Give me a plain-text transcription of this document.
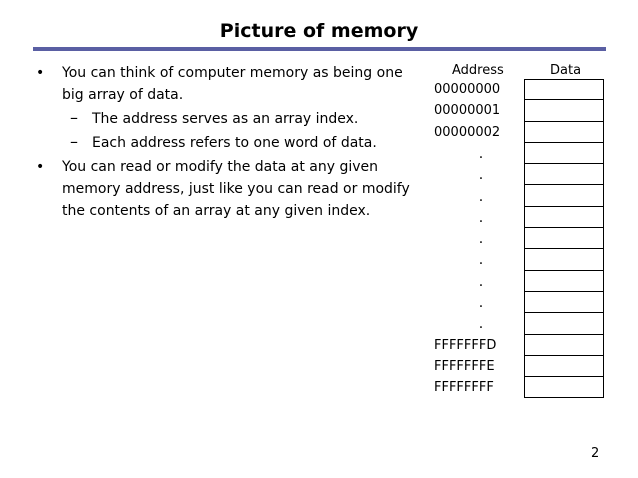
Picture of memory
• You can think of computer memory as being one big array of data.
– The address serves as an array index.
– Each address refers to one word of data.
• You can read or modify the data at any given memory address, just like you can read or modify the contents of an array at any given index.
Address	Data
00000000
00000001
00000002
.
.
.
.
.
.
.
.
.
FFFFFFFD
FFFFFFFE
FFFFFFFF
2
